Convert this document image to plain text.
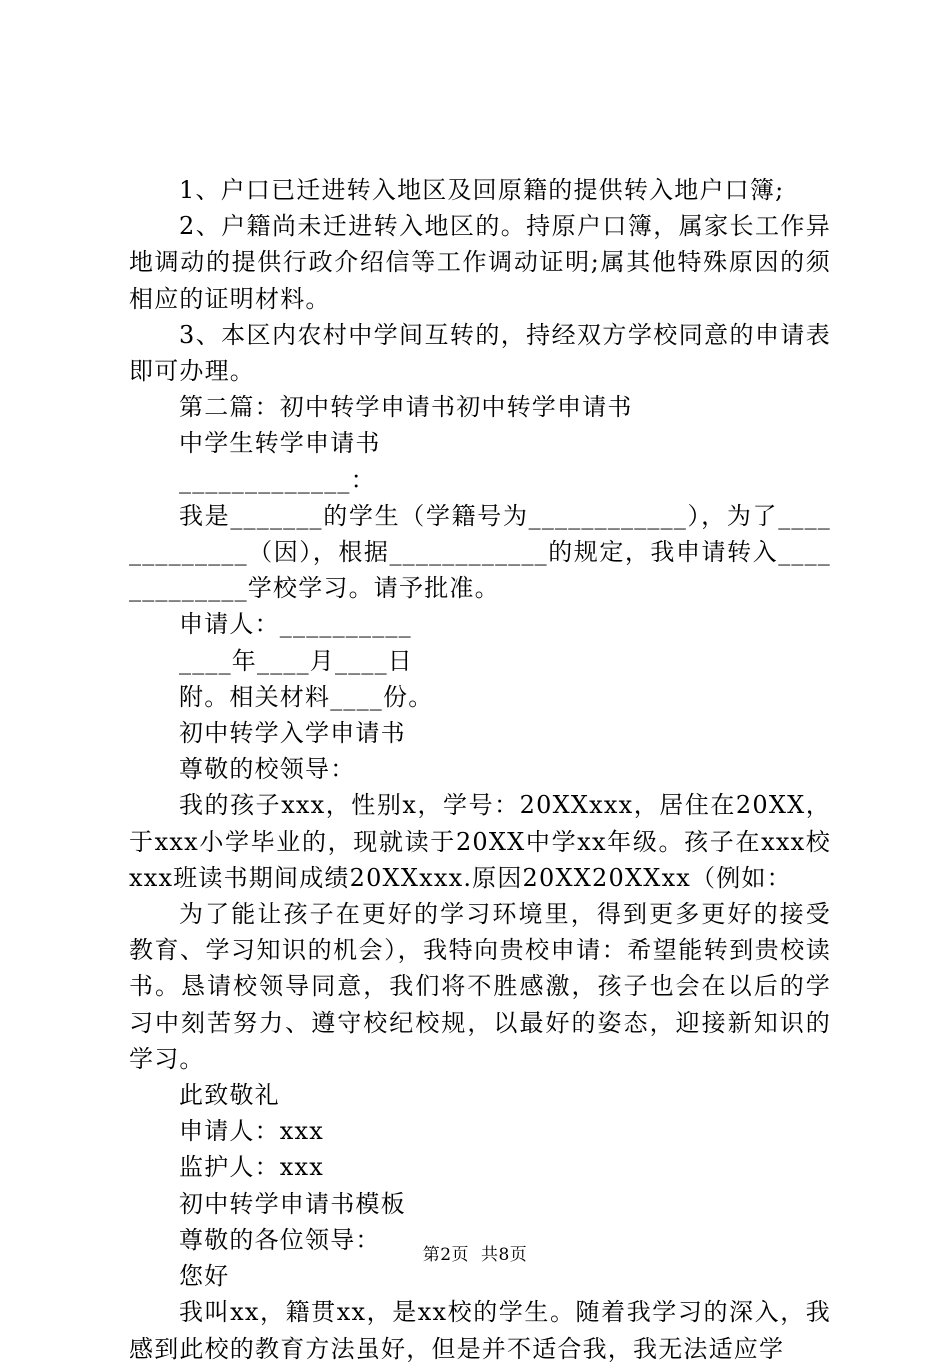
1、户口已迁进转入地区及回原籍的提供转入地户口簿;

2、户籍尚未迁进转入地区的。持原户口簿，属家长工作异地调动的提供行政介绍信等工作调动证明;属其他特殊原因的须相应的证明材料。

3、本区内农村中学间互转的，持经双方学校同意的申请表即可办理。

第二篇：初中转学申请书初中转学申请书

中学生转学申请书

_____________：

我是_______的学生（学籍号为____________），为了_____________（因），根据____________的规定，我申请转入_____________学校学习。请予批准。

申请人：__________

____年____月____日

附。相关材料____份。

初中转学入学申请书

尊敬的校领导：

我的孩子xxx，性别x，学号：20XXxxx，居住在20XX，于xxx小学毕业的，现就读于20XX中学xx年级。孩子在xxx校xxx班读书期间成绩20XXxxx.原因20XX20XXxx（例如：

为了能让孩子在更好的学习环境里，得到更多更好的接受教育、学习知识的机会），我特向贵校申请：希望能转到贵校读书。恳请校领导同意，我们将不胜感激，孩子也会在以后的学习中刻苦努力、遵守校纪校规，以最好的姿态，迎接新知识的学习。

此致敬礼

申请人：xxx

监护人：xxx

初中转学申请书模板

尊敬的各位领导：

您好

我叫xx，籍贯xx，是xx校的学生。随着我学习的深入，我感到此校的教育方法虽好，但是并不适合我，我无法适应学

第2页 共8页
